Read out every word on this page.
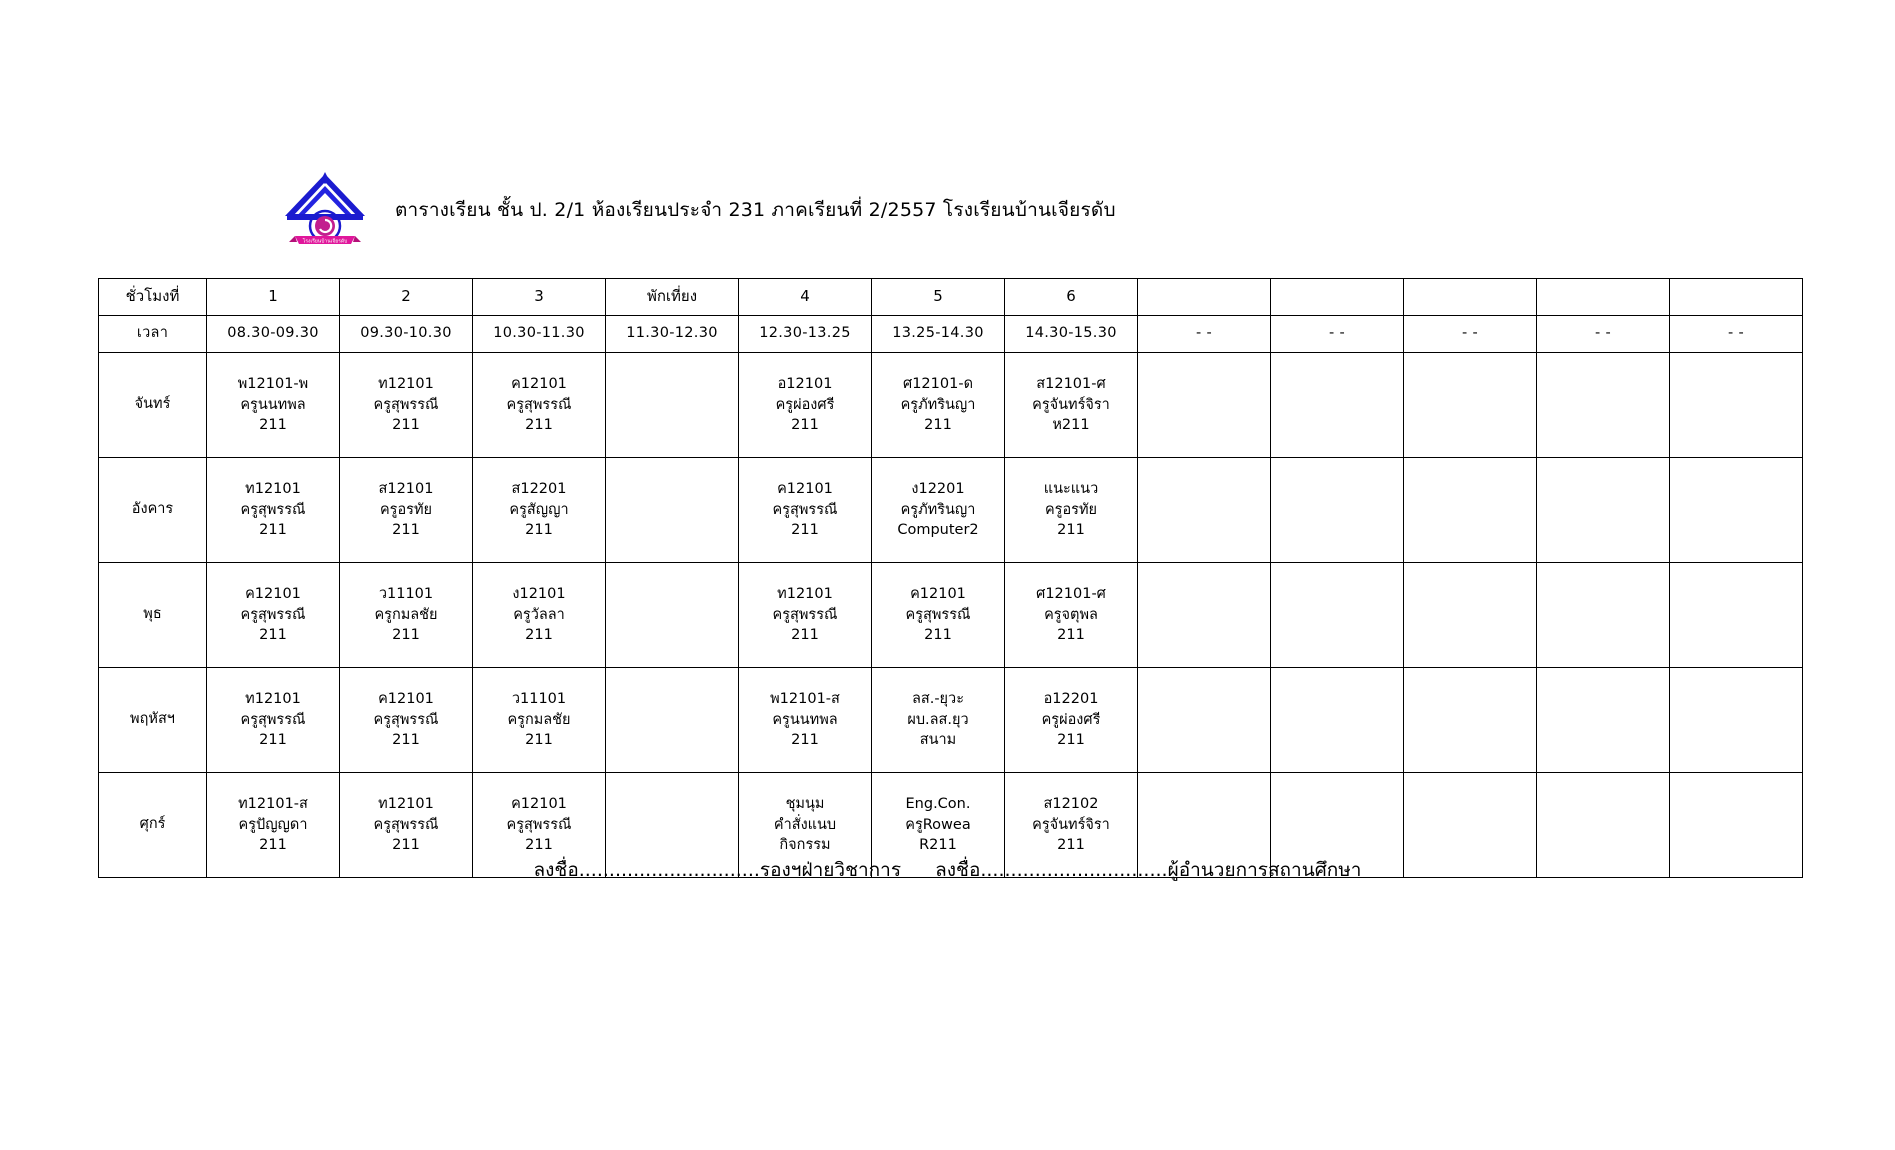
โรงเรียนบ้านเจียรดับ
ตารางเรียน ชั้น ป. 2/1 ห้องเรียนประจำ 231 ภาคเรียนที่ 2/2557 โรงเรียนบ้านเจียรดับ
ชั่วโมงที่	1	2	3	พักเที่ยง	4	5	6					
เวลา	08.30-09.30	09.30-10.30	10.30-11.30	11.30-12.30	12.30-13.25	13.25-14.30	14.30-15.30	- -	- -	- -	- -	- -
จันทร์	พ12101-พ
ครูนนทพล
211	ท12101
ครูสุพรรณี
211	ค12101
ครูสุพรรณี
211		อ12101
ครูผ่องศรี
211	ศ12101-ด
ครูภัทรินญา
211	ส12101-ศ
ครูจันทร์จิรา
ห211					

อังคาร	ท12101
ครูสุพรรณี
211	ส12101
ครูอรทัย
211	ส12201
ครูสัญญา
211		ค12101
ครูสุพรรณี
211	ง12201
ครูภัทรินญา
Computer2	แนะแนว
ครูอรทัย
211					

พุธ	ค12101
ครูสุพรรณี
211	ว11101
ครูกมลชัย
211	ง12101
ครูวัลลา
211		ท12101
ครูสุพรรณี
211	ค12101
ครูสุพรรณี
211	ศ12101-ศ
ครูจตุพล
211					

พฤหัสฯ	ท12101
ครูสุพรรณี
211	ค12101
ครูสุพรรณี
211	ว11101
ครูกมลชัย
211		พ12101-ส
ครูนนทพล
211	ลส.-ยุวะ
ผบ.ลส.ยุว
สนาม	อ12201
ครูผ่องศรี
211					

ศุกร์	ท12101-ส
ครูปัญญดา
211	ท12101
ครูสุพรรณี
211	ค12101
ครูสุพรรณี
211		ชุมนุม
คำสั่งแนบ
กิจกรรม	Eng.Con.
ครูRowea
R211	ส12102
ครูจันทร์จิรา
211					

ลงชื่อ..............................รองฯฝ่ายวิชาการ ลงชื่อ...............................ผู้อำนวยการสถานศึกษา
